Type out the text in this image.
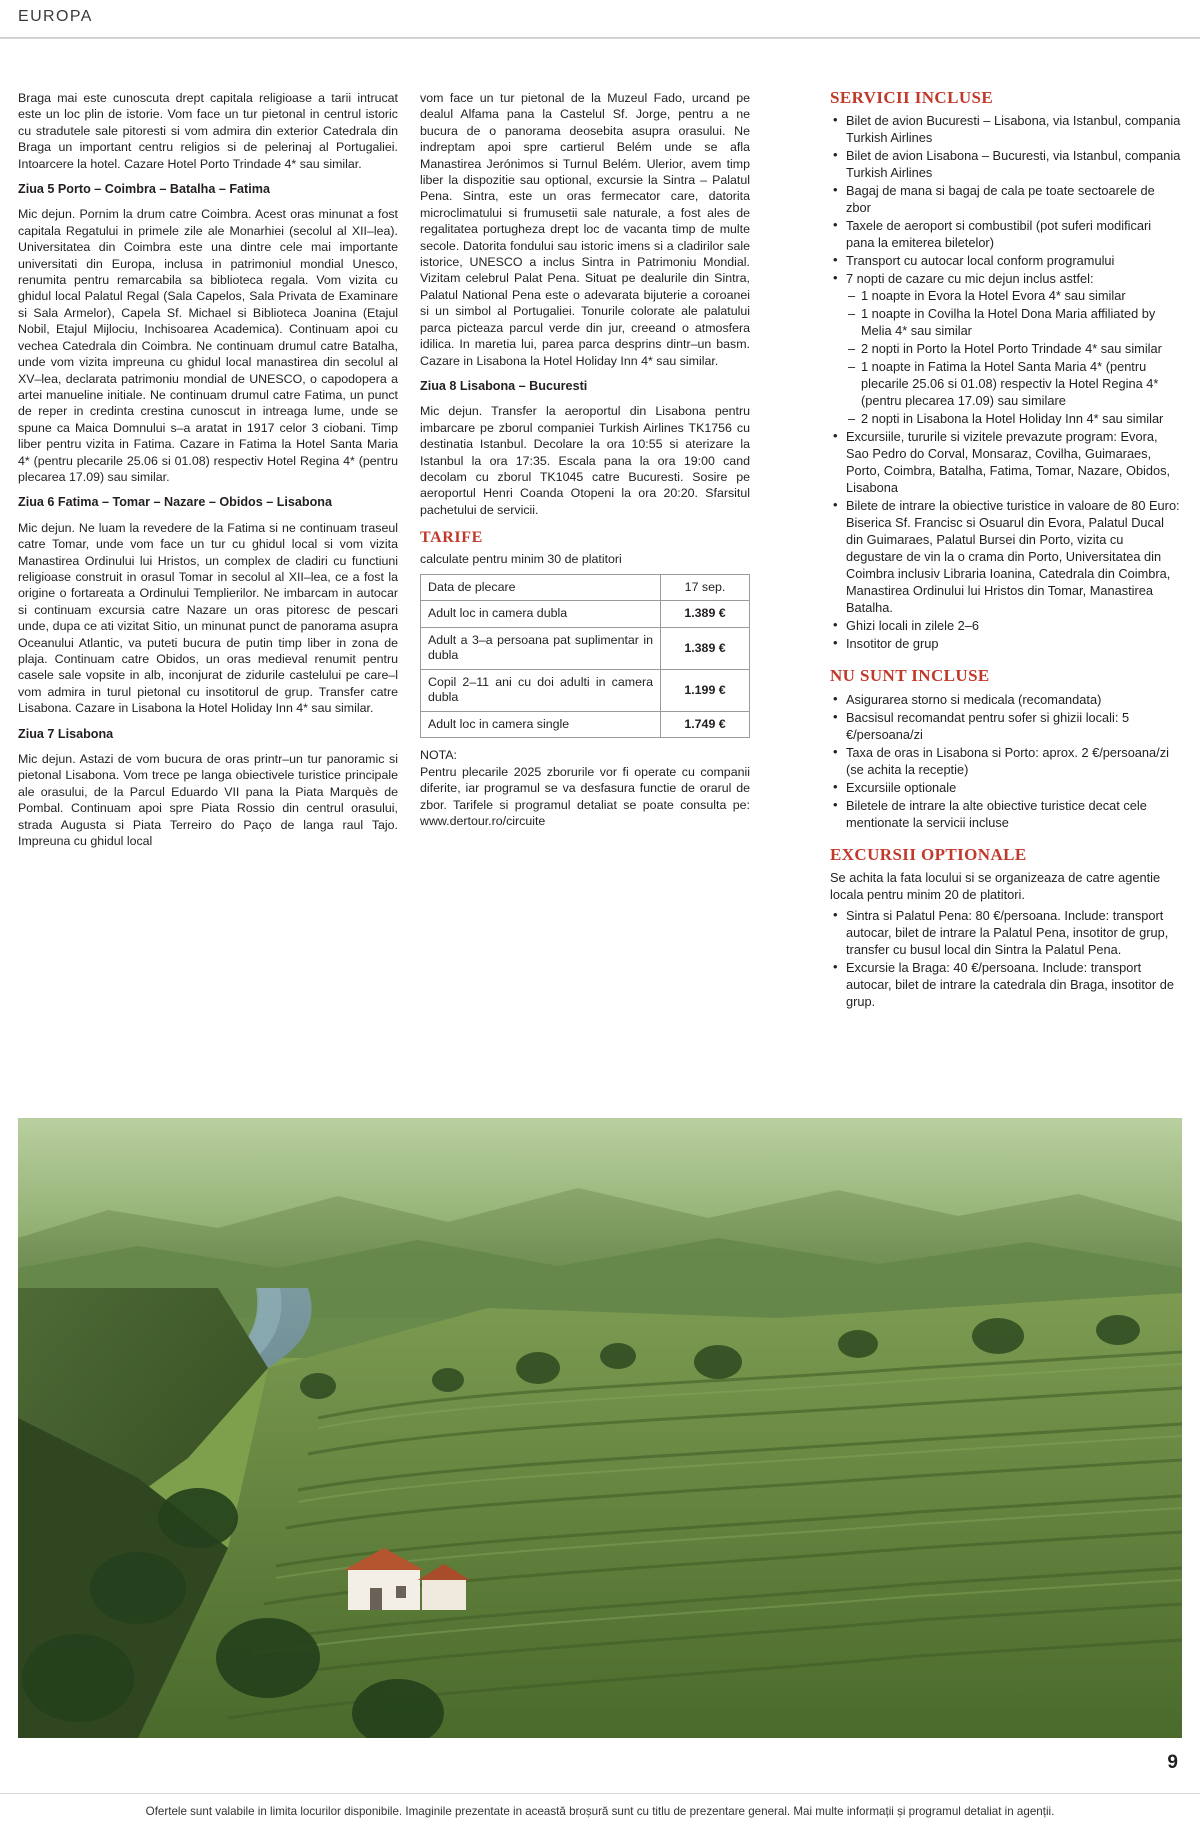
EUROPA

Braga mai este cunoscuta drept capitala religioase a tarii intrucat este un loc plin de istorie. Vom face un tur pietonal in centrul istoric cu stradutele sale pitoresti si vom admira din exterior Catedrala din Braga un important centru religios si de pelerinaj al Portugaliei. Intoarcere la hotel. Cazare Hotel Porto Trindade 4* sau similar.

Ziua 5 Porto – Coimbra – Batalha – Fatima

Mic dejun. Pornim la drum catre Coimbra. Acest oras minunat a fost capitala Regatului in primele zile ale Monarhiei (secolul al XII–lea). Universitatea din Coimbra este una dintre cele mai importante universitati din Europa, inclusa in patrimoniul mondial Unesco, renumita pentru remarcabila sa biblioteca regala. Vom vizita cu ghidul local Palatul Regal (Sala Capelos, Sala Privata de Examinare si Sala Armelor), Capela Sf. Michael si Biblioteca Joanina (Etajul Nobil, Etajul Mijlociu, Inchisoarea Academica). Continuam apoi cu vechea Catedrala din Coimbra. Ne continuam drumul catre Batalha, unde vom vizita impreuna cu ghidul local manastirea din secolul al XV–lea, declarata patrimoniu mondial de UNESCO, o capodopera a artei manueline initiale. Ne continuam drumul catre Fatima, un punct de reper in credinta crestina cunoscut in intreaga lume, unde se spune ca Maica Domnului s–a aratat in 1917 celor 3 ciobani. Timp liber pentru vizita in Fatima. Cazare in Fatima la Hotel Santa Maria 4* (pentru plecarile 25.06 si 01.08) respectiv Hotel Regina 4* (pentru plecarea 17.09) sau similar.

Ziua 6 Fatima – Tomar – Nazare – Obidos – Lisabona

Mic dejun. Ne luam la revedere de la Fatima si ne continuam traseul catre Tomar, unde vom face un tur cu ghidul local si vom vizita Manastirea Ordinului lui Hristos, un complex de cladiri cu functiuni religioase construit in orasul Tomar in secolul al XII–lea, ce a fost la origine o fortareata a Ordinului Templierilor. Ne imbarcam in autocar si continuam excursia catre Nazare un oras pitoresc de pescari unde, dupa ce ati vizitat Sitio, un minunat punct de panorama asupra Oceanului Atlantic, va puteti bucura de putin timp liber in zona de plaja. Continuam catre Obidos, un oras medieval renumit pentru casele sale vopsite in alb, inconjurat de zidurile castelului pe care–l vom admira in turul pietonal cu insotitorul de grup. Transfer catre Lisabona. Cazare in Lisabona la Hotel Holiday Inn 4* sau similar.

Ziua 7 Lisabona

Mic dejun. Astazi de vom bucura de oras printr–un tur panoramic si pietonal Lisabona. Vom trece pe langa obiectivele turistice principale ale orasului, de la Parcul Eduardo VII pana la Piata Marquès de Pombal. Continuam apoi spre Piata Rossio din centrul orasului, strada Augusta si Piata Terreiro do Paço de langa raul Tajo. Impreuna cu ghidul local

vom face un tur pietonal de la Muzeul Fado, urcand pe dealul Alfama pana la Castelul Sf. Jorge, pentru a ne bucura de o panorama deosebita asupra orasului. Ne indreptam apoi spre cartierul Belém unde se afla Manastirea Jerónimos si Turnul Belém. Ulerior, avem timp liber la dispozitie sau optional, excursie la Sintra – Palatul Pena. Sintra, este un oras fermecator care, datorita microclimatului si frumusetii sale naturale, a fost ales de regalitatea portugheza drept loc de vacanta timp de multe secole. Datorita fondului sau istoric imens si a cladirilor sale istorice, UNESCO a inclus Sintra in Patrimoniu Mondial. Vizitam celebrul Palat Pena. Situat pe dealurile din Sintra, Palatul National Pena este o adevarata bijuterie a coroanei si un simbol al Portugaliei. Tonurile colorate ale palatului parca picteaza parcul verde din jur, creeand o atmosfera idilica. In maretia lui, parea parca desprins dintr–un basm. Cazare in Lisabona la Hotel Holiday Inn 4* sau similar.

Ziua 8 Lisabona – Bucuresti

Mic dejun. Transfer la aeroportul din Lisabona pentru imbarcare pe zborul companiei Turkish Airlines TK1756 cu destinatia Istanbul. Decolare la ora 10:55 si aterizare la Istanbul la ora 17:35. Escala pana la ora 19:00 cand decolam cu zborul TK1045 catre Bucuresti. Sosire pe aeroportul Henri Coanda Otopeni la ora 20:20. Sfarsitul pachetului de servicii.

TARIFE
calculate pentru minim 30 de platitori
Data de plecare	17 sep.
Adult loc in camera dubla	1.389 €
Adult a 3–a persoana pat suplimentar in dubla	1.389 €
Copil 2–11 ani cu doi adulti in camera dubla	1.199 €
Adult loc in camera single	1.749 €
NOTA:
Pentru plecarile 2025 zborurile vor fi operate cu companii diferite, iar programul se va desfasura functie de orarul de zbor. Tarifele si programul detaliat se poate consulta pe: www.dertour.ro/circuite
SERVICII INCLUSE
• Bilet de avion Bucuresti – Lisabona, via Istanbul, compania Turkish Airlines
• Bilet de avion Lisabona – Bucuresti, via Istanbul, compania Turkish Airlines
• Bagaj de mana si bagaj de cala pe toate sectoarele de zbor
• Taxele de aeroport si combustibil (pot suferi modificari pana la emiterea biletelor)
• Transport cu autocar local conform programului
• 7 nopti de cazare cu mic dejun inclus astfel:
– 1 noapte in Evora la Hotel Evora 4* sau similar
– 1 noapte in Covilha la Hotel Dona Maria affiliated by Melia 4* sau similar
– 2 nopti in Porto la Hotel Porto Trindade 4* sau similar
– 1 noapte in Fatima la Hotel Santa Maria 4* (pentru plecarile 25.06 si 01.08) respectiv la Hotel Regina 4* (pentru plecarea 17.09) sau similare
– 2 nopti in Lisabona la Hotel Holiday Inn 4* sau similar
• Excursiile, tururile si vizitele prevazute program: Evora, Sao Pedro do Corval, Monsaraz, Covilha, Guimaraes, Porto, Coimbra, Batalha, Fatima, Tomar, Nazare, Obidos, Lisabona
• Bilete de intrare la obiective turistice in valoare de 80 Euro: Biserica Sf. Francisc si Osuarul din Evora, Palatul Ducal din Guimaraes, Palatul Bursei din Porto, vizita cu degustare de vin la o crama din Porto, Universitatea din Coimbra inclusiv Libraria Ioanina, Catedrala din Coimbra, Manastirea Ordinului lui Hristos din Tomar, Manastirea Batalha.
• Ghizi locali in zilele 2–6
• Insotitor de grup
NU SUNT INCLUSE
• Asigurarea storno si medicala (recomandata)
• Bacsisul recomandat pentru sofer si ghizii locali: 5 €/persoana/zi
• Taxa de oras in Lisabona si Porto: aprox. 2 €/persoana/zi (se achita la receptie)
• Excursiile optionale
• Biletele de intrare la alte obiective turistice decat cele mentionate la servicii incluse
EXCURSII OPTIONALE
Se achita la fata locului si se organizeaza de catre agentie locala pentru minim 20 de platitori.
• Sintra si Palatul Pena: 80 €/persoana. Include: transport autocar, bilet de intrare la Palatul Pena, insotitor de grup, transfer cu busul local din Sintra la Palatul Pena.
• Excursie la Braga: 40 €/persoana. Include: transport autocar, bilet de intrare la catedrala din Braga, insotitor de grup.
9
Ofertele sunt valabile in limita locurilor disponibile. Imaginile prezentate in această broșură sunt cu titlu de prezentare general. Mai multe informații și programul detaliat in agenții.
